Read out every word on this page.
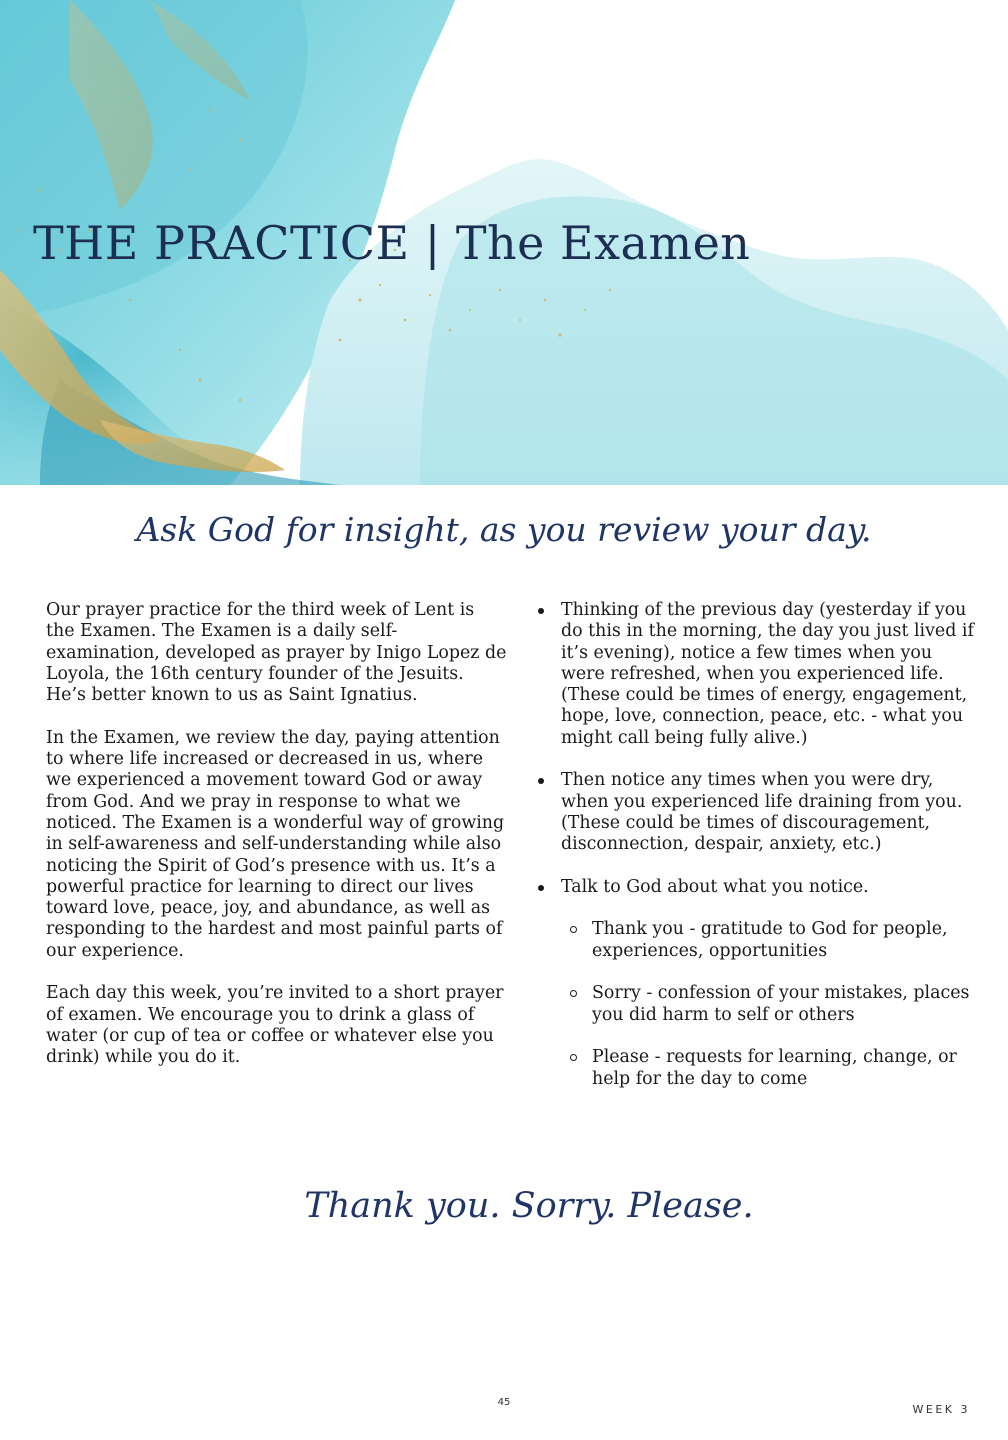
THE PRACTICE | The Examen
Ask God for insight, as you review your day.

Our prayer practice for the third week of Lent is the Examen. The Examen is a daily self-examination, developed as prayer by Inigo Lopez de Loyola, the 16th century founder of the Jesuits. He’s better known to us as Saint Ignatius.

In the Examen, we review the day, paying attention to where life increased or decreased in us, where we experienced a movement toward God or away from God. And we pray in response to what we noticed. The Examen is a wonderful way of growing in self-awareness and self-understanding while also noticing the Spirit of God’s presence with us. It’s a powerful practice for learning to direct our lives toward love, peace, joy, and abundance, as well as responding to the hardest and most painful parts of our experience.

Each day this week, you’re invited to a short prayer of examen. We encourage you to drink a glass of water (or cup of tea or coffee or whatever else you drink) while you do it.

Thinking of the previous day (yesterday if you do this in the morning, the day you just lived if it’s evening), notice a few times when you were refreshed, when you experienced life. (These could be times of energy, engagement, hope, love, connection, peace, etc. - what you might call being fully alive.)
Then notice any times when you were dry, when you experienced life draining from you. (These could be times of discouragement, disconnection, despair, anxiety, etc.)
Talk to God about what you notice.
Thank you - gratitude to God for people, experiences, opportunities
Sorry - confession of your mistakes, places you did harm to self or others
Please - requests for learning, change, or help for the day to come
Thank you. Sorry. Please.
45
WEEK 3
